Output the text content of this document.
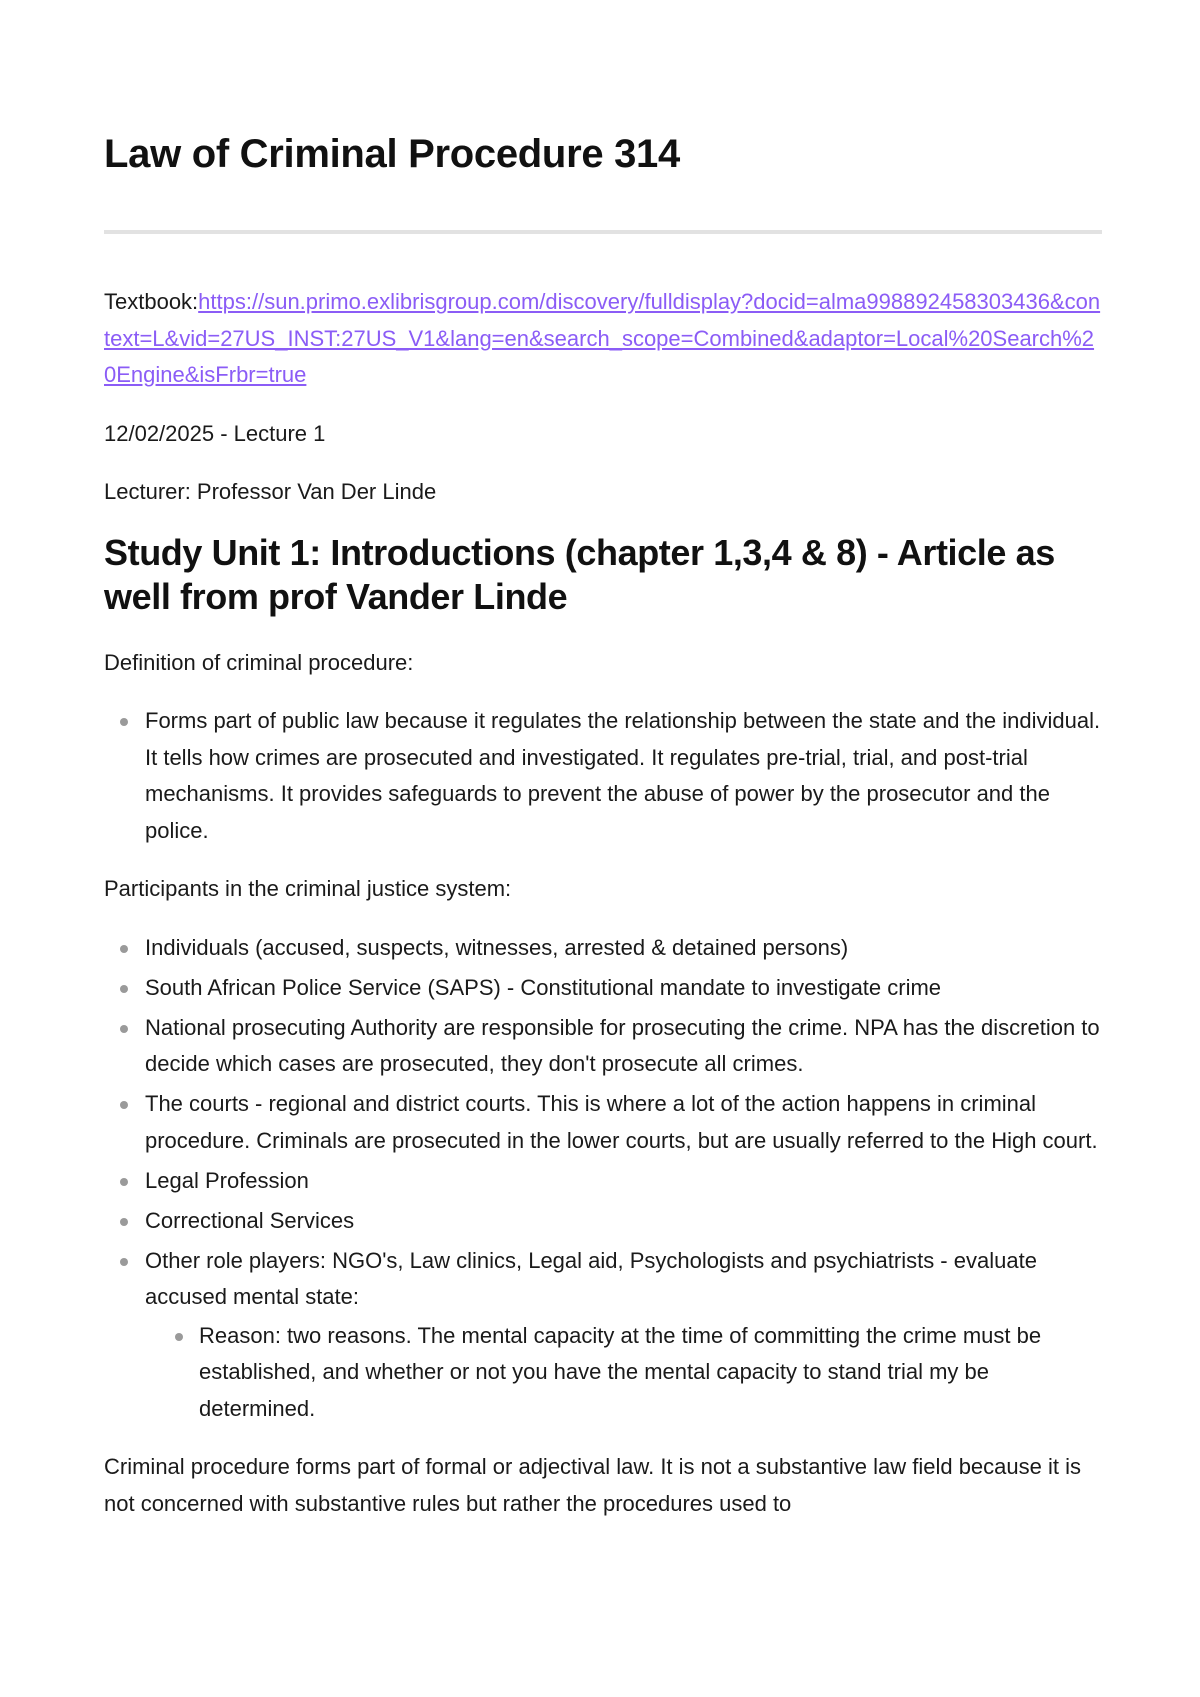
Law of Criminal Procedure 314

Textbook:https://sun.primo.exlibrisgroup.com/discovery/fulldisplay?docid=alma998892458303436&context=L&vid=27US_INST:27US_V1&lang=en&search_scope=Combined&adaptor=Local%20Search%20Engine&isFrbr=true

12/02/2025 - Lecture 1

Lecturer: Professor Van Der Linde

Study Unit 1: Introductions (chapter 1,3,4 & 8) - Article as well from prof Vander Linde

Definition of criminal procedure:

Forms part of public law because it regulates the relationship between the state and the individual. It tells how crimes are prosecuted and investigated. It regulates pre-trial, trial, and post-trial mechanisms. It provides safeguards to prevent the abuse of power by the prosecutor and the police.

Participants in the criminal justice system:

Individuals (accused, suspects, witnesses, arrested & detained persons)
South African Police Service (SAPS) - Constitutional mandate to investigate crime
National prosecuting Authority are responsible for prosecuting the crime. NPA has the discretion to decide which cases are prosecuted, they don't prosecute all crimes.
The courts - regional and district courts. This is where a lot of the action happens in criminal procedure. Criminals are prosecuted in the lower courts, but are usually referred to the High court.
Legal Profession
Correctional Services
Other role players: NGO's, Law clinics, Legal aid, Psychologists and psychiatrists - evaluate accused mental state:
Reason: two reasons. The mental capacity at the time of committing the crime must be established, and whether or not you have the mental capacity to stand trial my be determined.

Criminal procedure forms part of formal or adjectival law. It is not a substantive law field because it is not concerned with substantive rules but rather the procedures used to
